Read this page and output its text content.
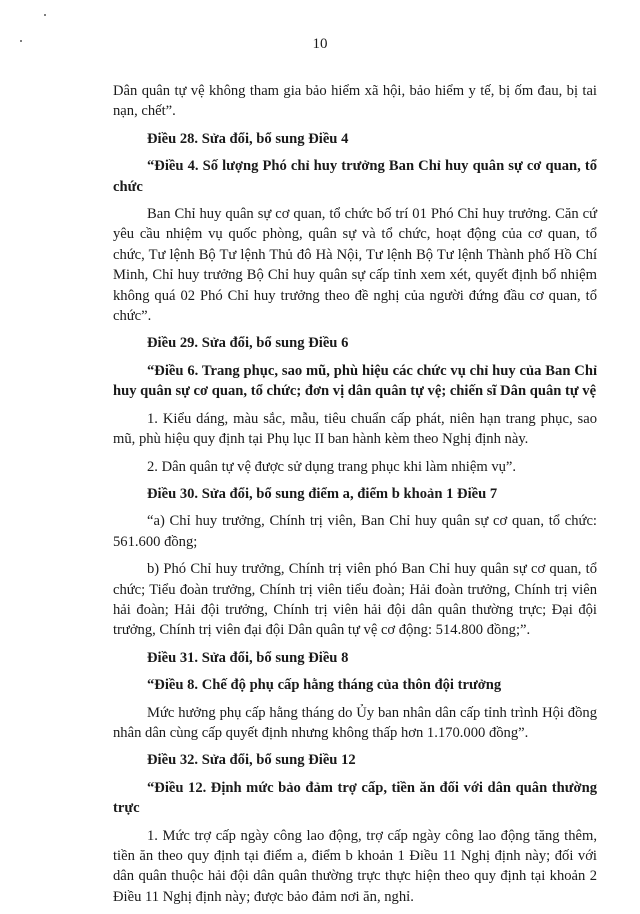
10

Dân quân tự vệ không tham gia bảo hiểm xã hội, bảo hiểm y tế, bị ốm đau, bị tai nạn, chết”.

Điều 28. Sửa đổi, bổ sung Điều 4

“Điều 4. Số lượng Phó chỉ huy trưởng Ban Chỉ huy quân sự cơ quan, tổ chức

Ban Chỉ huy quân sự cơ quan, tổ chức bố trí 01 Phó Chỉ huy trưởng. Căn cứ yêu cầu nhiệm vụ quốc phòng, quân sự và tổ chức, hoạt động của cơ quan, tổ chức, Tư lệnh Bộ Tư lệnh Thủ đô Hà Nội, Tư lệnh Bộ Tư lệnh Thành phố Hồ Chí Minh, Chỉ huy trưởng Bộ Chỉ huy quân sự cấp tỉnh xem xét, quyết định bổ nhiệm không quá 02 Phó Chỉ huy trưởng theo đề nghị của người đứng đầu cơ quan, tổ chức”.

Điều 29. Sửa đổi, bổ sung Điều 6

“Điều 6. Trang phục, sao mũ, phù hiệu các chức vụ chỉ huy của Ban Chỉ huy quân sự cơ quan, tổ chức; đơn vị dân quân tự vệ; chiến sĩ Dân quân tự vệ

1. Kiểu dáng, màu sắc, mẫu, tiêu chuẩn cấp phát, niên hạn trang phục, sao mũ, phù hiệu quy định tại Phụ lục II ban hành kèm theo Nghị định này.

2. Dân quân tự vệ được sử dụng trang phục khi làm nhiệm vụ”.

Điều 30. Sửa đổi, bổ sung điểm a, điểm b khoản 1 Điều 7

“a) Chỉ huy trưởng, Chính trị viên, Ban Chỉ huy quân sự cơ quan, tổ chức: 561.600 đồng;

b) Phó Chỉ huy trưởng, Chính trị viên phó Ban Chỉ huy quân sự cơ quan, tổ chức; Tiểu đoàn trưởng, Chính trị viên tiểu đoàn; Hải đoàn trưởng, Chính trị viên hải đoàn; Hải đội trưởng, Chính trị viên hải đội dân quân thường trực; Đại đội trưởng, Chính trị viên đại đội Dân quân tự vệ cơ động: 514.800 đồng;”.

Điều 31. Sửa đổi, bổ sung Điều 8

“Điều 8. Chế độ phụ cấp hằng tháng của thôn đội trưởng

Mức hưởng phụ cấp hằng tháng do Ủy ban nhân dân cấp tỉnh trình Hội đồng nhân dân cùng cấp quyết định nhưng không thấp hơn 1.170.000 đồng”.

Điều 32. Sửa đổi, bổ sung Điều 12

“Điều 12. Định mức bảo đảm trợ cấp, tiền ăn đối với dân quân thường trực

1. Mức trợ cấp ngày công lao động, trợ cấp ngày công lao động tăng thêm, tiền ăn theo quy định tại điểm a, điểm b khoản 1 Điều 11 Nghị định này; đối với dân quân thuộc hải đội dân quân thường trực thực hiện theo quy định tại khoản 2 Điều 11 Nghị định này; được bảo đảm nơi ăn, nghỉ.
